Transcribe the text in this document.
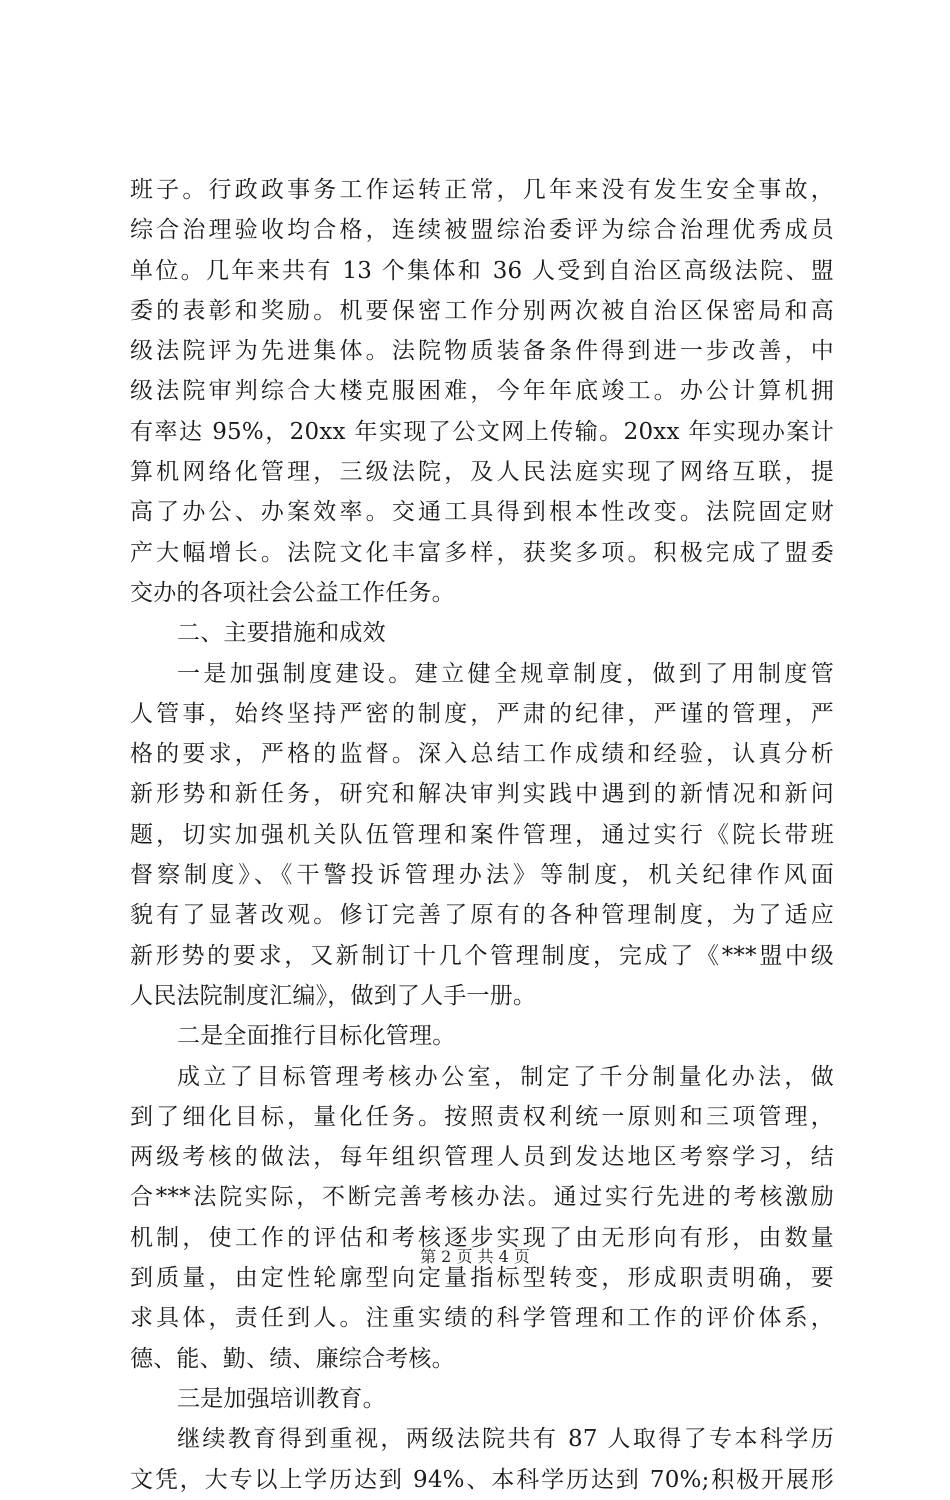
班子。行政政事务工作运转正常，几年来没有发生安全事故，
综合治理验收均合格，连续被盟综治委评为综合治理优秀成员
单位。几年来共有 13 个集体和 36 人受到自治区高级法院、盟
委的表彰和奖励。机要保密工作分别两次被自治区保密局和高
级法院评为先进集体。法院物质装备条件得到进一步改善，中
级法院审判综合大楼克服困难，今年年底竣工。办公计算机拥
有率达 95%，20xx 年实现了公文网上传输。20xx 年实现办案计
算机网络化管理，三级法院，及人民法庭实现了网络互联，提
高了办公、办案效率。交通工具得到根本性改变。法院固定财
产大幅增长。法院文化丰富多样，获奖多项。积极完成了盟委
交办的各项社会公益工作任务。
二、主要措施和成效
一是加强制度建设。建立健全规章制度，做到了用制度管
人管事，始终坚持严密的制度，严肃的纪律，严谨的管理，严
格的要求，严格的监督。深入总结工作成绩和经验，认真分析
新形势和新任务，研究和解决审判实践中遇到的新情况和新问
题，切实加强机关队伍管理和案件管理，通过实行《院长带班
督察制度》、《干警投诉管理办法》等制度，机关纪律作风面
貌有了显著改观。修订完善了原有的各种管理制度，为了适应
新形势的要求，又新制订十几个管理制度，完成了《***盟中级
人民法院制度汇编》，做到了人手一册。
二是全面推行目标化管理。
成立了目标管理考核办公室，制定了千分制量化办法，做
到了细化目标，量化任务。按照责权利统一原则和三项管理，
两级考核的做法，每年组织管理人员到发达地区考察学习，结
合***法院实际，不断完善考核办法。通过实行先进的考核激励
机制，使工作的评估和考核逐步实现了由无形向有形，由数量
到质量，由定性轮廓型向定量指标型转变，形成职责明确，要
求具体，责任到人。注重实绩的科学管理和工作的评价体系，
德、能、勤、绩、廉综合考核。
三是加强培训教育。
继续教育得到重视，两级法院共有 87 人取得了专本科学历
文凭，大专以上学历达到 94%、本科学历达到 70%;积极开展形
第 2 页 共 4 页
